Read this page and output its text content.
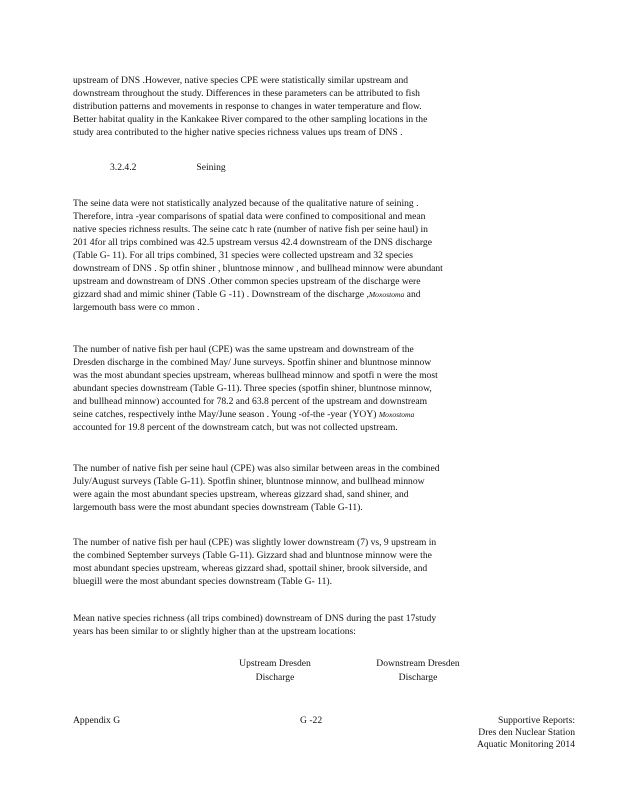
upstream of DNS .However, native species CPE were statistically similar upstream and
downstream throughout the study. Differences in these parameters can be attributed to fish
distribution patterns and movements in response to changes in water temperature and flow.
Better habitat quality in the Kankakee River compared to the other sampling locations in the
study area contributed to the higher native species richness values ups tream of DNS .
3.2.4.2	Seining
The seine data were not statistically analyzed because of the qualitative nature of seining .
Therefore, intra -year comparisons of spatial data were confined to compositional and mean
native species richness results. The seine catc h rate (number of native fish per seine haul) in
201 4for all trips combined was 42.5 upstream versus 42.4 downstream of the DNS discharge
(Table G- 11). For all trips combined, 31 species were collected upstream and 32 species
downstream of DNS . Sp otfin shiner , bluntnose minnow , and bullhead minnow were abundant
upstream and downstream of DNS .Other common species upstream of the discharge were
gizzard shad and mimic shiner (Table G -11) . Downstream of the discharge ,Moxostoma and
largemouth bass were co mmon .
The number of native fish per haul (CPE) was the same upstream and downstream of the
Dresden discharge in the combined May/ June surveys. Spotfin shiner and bluntnose minnow
was the most abundant species upstream, whereas bullhead minnow and spotfi n were the most
abundant species downstream (Table G-11). Three species (spotfin shiner, bluntnose minnow,
and bullhead minnow) accounted for 78.2 and 63.8 percent of the upstream and downstream
seine catches, respectively inthe May/June season . Young -of-the -year (YOY) Moxostoma
accounted for 19.8 percent of the downstream catch, but was not collected upstream.
The number of native fish per seine haul (CPE) was also similar between areas in the combined
July/August surveys (Table G-11). Spotfin shiner, bluntnose minnow, and bullhead minnow
were again the most abundant species upstream, whereas gizzard shad, sand shiner, and
largemouth bass were the most abundant species downstream (Table G-11).
The number of native fish per haul (CPE) was slightly lower downstream (7) vs, 9 upstream in
the combined September surveys (Table G-11). Gizzard shad and bluntnose minnow were the
most abundant species upstream, whereas gizzard shad, spottail shiner, brook silverside, and
bluegill were the most abundant species downstream (Table G- 11).
Mean native species richness (all trips combined) downstream of DNS during the past 17study
years has been similar to or slightly higher than at the upstream locations:
Upstream Dresden
Discharge
Downstream Dresden
Discharge
Appendix G	G -22	Supportive Reports:
Dres den Nuclear Station
Aquatic Monitoring 2014
